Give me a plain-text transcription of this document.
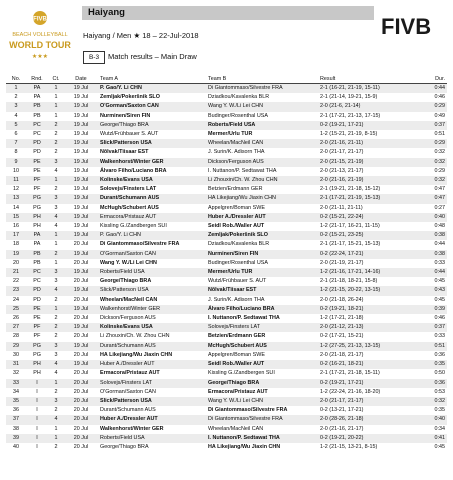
FIVB
BEACH VOLLEYBALL
WORLD TOUR
★★★
Haiyang
Haiyang / Men ★ 18 – 22-Jul-2018
B-3	Match results – Main Draw
FIVB
No.	Rnd.	Ct.	Date	Team A	Team B	Result	Dur.
1	PA	1	19 Jul	P. Gao/Y. Li CHN	Di Giantommaso/Silvestre FRA	2-1 (16-21, 21-19, 15-11)	0:44
2	PA	1	19 Jul	Zemljak/Pokeršnik SLO	Dziadkou/Kavalenka BLR	2-1 (21-14, 19-21, 15-9)	0:46
3	PB	1	19 Jul	O'Gorman/Saxton CAN	Wang Y. W./Li Lei CHN	2-0 (21-6, 21-14)	0:29
4	PB	1	19 Jul	Nurminen/Siren FIN	Budinger/Rosenthal USA	2-1 (17-21, 21-13, 17-15)	0:49
5	PC	2	19 Jul	George/Thiago BRA	Roberts/Field USA	0-2 (19-21, 17-21)	0:37
6	PC	2	19 Jul	Wutzl/Frühbauer S. AUT	Mermer/Urlu TUR	1-2 (15-21, 21-19, 8-15)	0:51
7	PD	2	19 Jul	Slick/Patterson USA	Wheelan/MacNeil CAN	2-0 (21-16, 21-11)	0:29
8	PD	2	19 Jul	Nõlvak/Tiisaar EST	J. Surin/K. Adisorn THA	2-0 (21-17, 21-17)	0:32
9	PE	3	19 Jul	Walkenhorst/Winter GER	Dickson/Ferguson AUS	2-0 (21-15, 21-19)	0:32
10	PE	4	19 Jul	Álvaro Filho/Luciano BRA	I. Nuttanon/P. Sedtawat THA	2-0 (21-13, 21-17)	0:29
11	PF	1	19 Jul	Kolinske/Evans USA	Li Zhouxin/Ch. W. Zhou CHN	2-0 (21-16, 21-19)	0:32
12	PF	2	19 Jul	Solovejs/Finsters LAT	Betzien/Erdmann GER	2-1 (19-21, 21-18, 15-12)	0:47
13	PG	3	19 Jul	Durant/Schumann AUS	HA Likejiang/Wu Jiaxin CHN	2-1 (17-21, 21-19, 15-13)	0:47
14	PG	3	19 Jul	McHugh/Schubert AUS	Appelgren/Boman SWE	2-0 (21-11, 21-11)	0:27
15	PH	4	19 Jul	Ermacora/Pristauz AUT	Huber A./Dressler AUT	0-2 (15-21, 22-24)	0:40
16	PH	4	19 Jul	Kissling G./Zandbergen SUI	Seidl Rob./Waller AUT	1-2 (21-17, 16-21, 11-15)	0:48
17	PA	1	19 Jul	P. Gao/Y. Li CHN	Zemljak/Pokeršnik SLO	0-2 (15-21, 23-25)	0:38
18	PA	1	20 Jul	Di Giantommaso/Silvestre FRA	Dziadkou/Kavalenka BLR	2-1 (21-17, 15-21, 15-13)	0:44
19	PB	2	19 Jul	O'Gorman/Saxton CAN	Nurminen/Siren FIN	0-2 (22-24, 17-21)	0:38
20	PB	1	20 Jul	Wang Y. W./Li Lei CHN	Budinger/Rosenthal USA	2-0 (21-19, 21-17)	0:33
21	PC	3	19 Jul	Roberts/Field USA	Mermer/Urlu TUR	1-2 (21-16, 17-21, 14-16)	0:44
22	PC	3	20 Jul	George/Thiago BRA	Wutzl/Frühbauer S. AUT	2-1 (21-18, 18-21, 15-8)	0:45
23	PD	4	19 Jul	Slick/Patterson USA	Nõlvak/Tiisaar EST	1-2 (21-15, 20-22, 13-15)	0:43
24	PD	2	20 Jul	Wheelan/MacNeil CAN	J. Surin/K. Adisorn THA	2-0 (21-18, 26-24)	0:45
25	PE	1	19 Jul	Walkenhorst/Winter GER	Álvaro Filho/Luciano BRA	0-2 (19-21, 18-21)	0:39
26	PE	2	20 Jul	Dickson/Ferguson AUS	I. Nuttanon/P. Sedtawat THA	1-2 (17-21, 21-18)	0:46
27	PF	2	19 Jul	Kolinske/Evans USA	Solovejs/Finsters LAT	2-0 (21-12, 21-13)	0:37
28	PF	2	20 Jul	Li Zhouxin/Ch. W. Zhou CHN	Betzien/Erdmann GER	0-2 (17-21, 15-21)	0:33
29	PG	3	19 Jul	Durant/Schumann AUS	McHugh/Schubert AUS	1-2 (27-25, 21-13, 13-15)	0:51
30	PG	3	20 Jul	HA Likejiang/Wu Jiaxin CHN	Appelgren/Boman SWE	2-0 (21-18, 21-17)	0:36
31	PH	4	19 Jul	Huber A./Dressler AUT	Seidl Rob./Waller AUT	0-2 (16-21, 18-21)	0:35
32	PH	4	20 Jul	Ermacora/Pristauz AUT	Kissling G./Zandbergen SUI	2-1 (17-21, 21-18, 15-11)	0:50
33	I	1	20 Jul	Solovejs/Finsters LAT	George/Thiago BRA	0-2 (19-21, 17-21)	0:36
34	I	2	20 Jul	O'Gorman/Saxton CAN	Ermacora/Pristauz AUT	1-2 (22-24, 21-16, 18-20)	0:53
35	I	3	20 Jul	Slick/Patterson USA	Wang Y. W./Li Lei CHN	2-0 (21-17, 21-17)	0:32
36	I	2	20 Jul	Durant/Schumann AUS	Di Giantommaso/Silvestre FRA	0-2 (13-21, 17-21)	0:35
37	I	4	20 Jul	Huber A./Dressler AUT	Di Giantommaso/Silvestre FRA	2-0 (28-26, 21-18)	0:40
38	I	1	20 Jul	Walkenhorst/Winter GER	Wheelan/MacNeil CAN	2-0 (21-16, 21-17)	0:34
39	I	1	20 Jul	Roberts/Field USA	I. Nuttanon/P. Sedtawat THA	0-2 (19-21, 20-22)	0:41
40	I	2	20 Jul	George/Thiago BRA	HA Likejiang/Wu Jiaxin CHN	1-2 (21-15, 13-21, 8-15)	0:45
